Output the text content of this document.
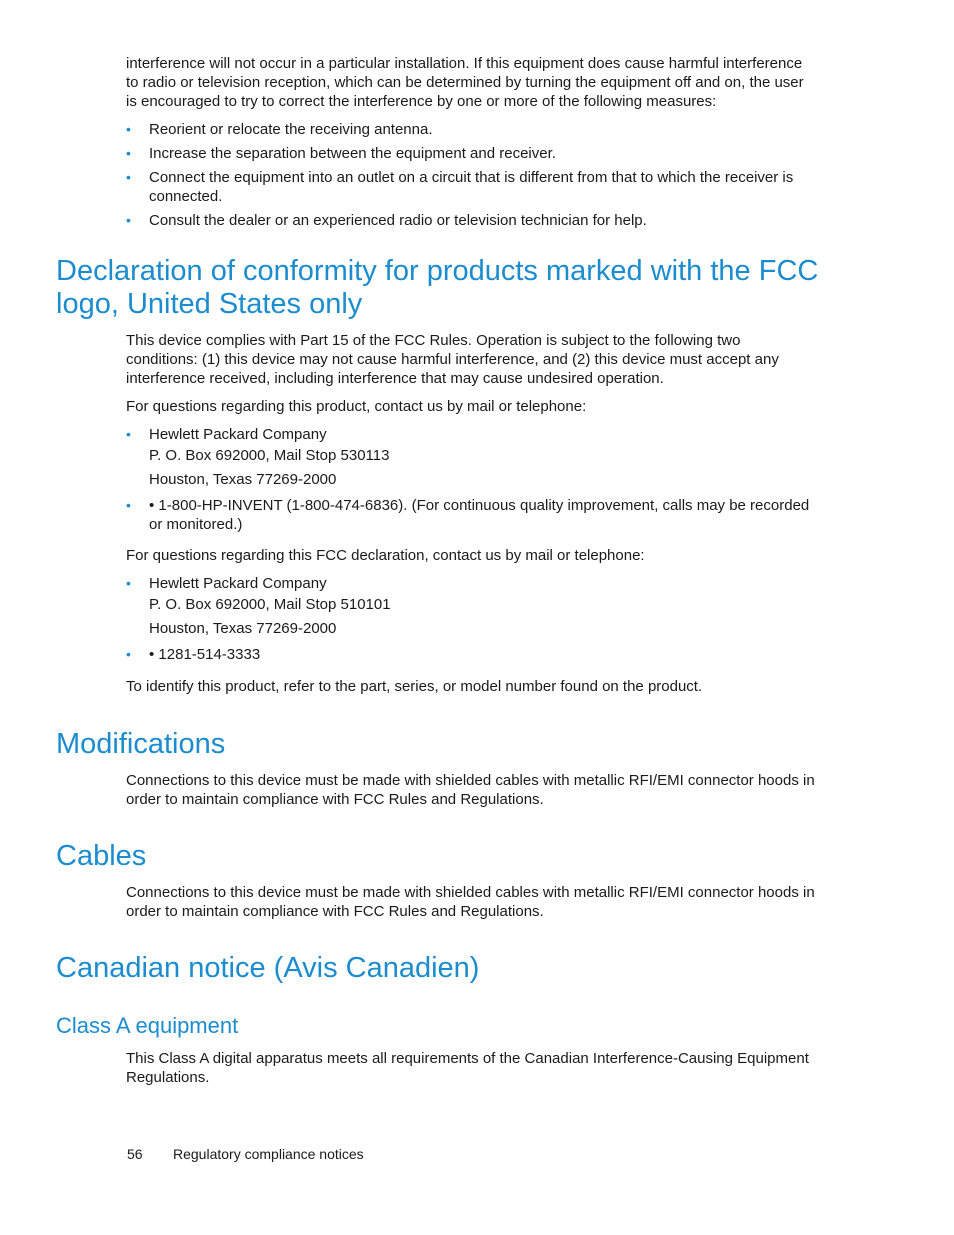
interference will not occur in a particular installation. If this equipment does cause harmful interference to radio or television reception, which can be determined by turning the equipment off and on, the user is encouraged to try to correct the interference by one or more of the following measures:

• Reorient or relocate the receiving antenna.
• Increase the separation between the equipment and receiver.
• Connect the equipment into an outlet on a circuit that is different from that to which the receiver is connected.
• Consult the dealer or an experienced radio or television technician for help.
Declaration of conformity for products marked with the FCC logo, United States only

This device complies with Part 15 of the FCC Rules. Operation is subject to the following two conditions: (1) this device may not cause harmful interference, and (2) this device must accept any interference received, including interference that may cause undesired operation.

For questions regarding this product, contact us by mail or telephone:

• Hewlett Packard Company
P. O. Box 692000, Mail Stop 530113
Houston, Texas 77269-2000
• • 1-800-HP-INVENT (1-800-474-6836). (For continuous quality improvement, calls may be recorded or monitored.)

For questions regarding this FCC declaration, contact us by mail or telephone:

• Hewlett Packard Company
P. O. Box 692000, Mail Stop 510101
Houston, Texas 77269-2000
• • 1281-514-3333

To identify this product, refer to the part, series, or model number found on the product.

Modifications

Connections to this device must be made with shielded cables with metallic RFI/EMI connector hoods in order to maintain compliance with FCC Rules and Regulations.

Cables

Connections to this device must be made with shielded cables with metallic RFI/EMI connector hoods in order to maintain compliance with FCC Rules and Regulations.

Canadian notice (Avis Canadien)
Class A equipment

This Class A digital apparatus meets all requirements of the Canadian Interference-Causing Equipment Regulations.

56 Regulatory compliance notices
